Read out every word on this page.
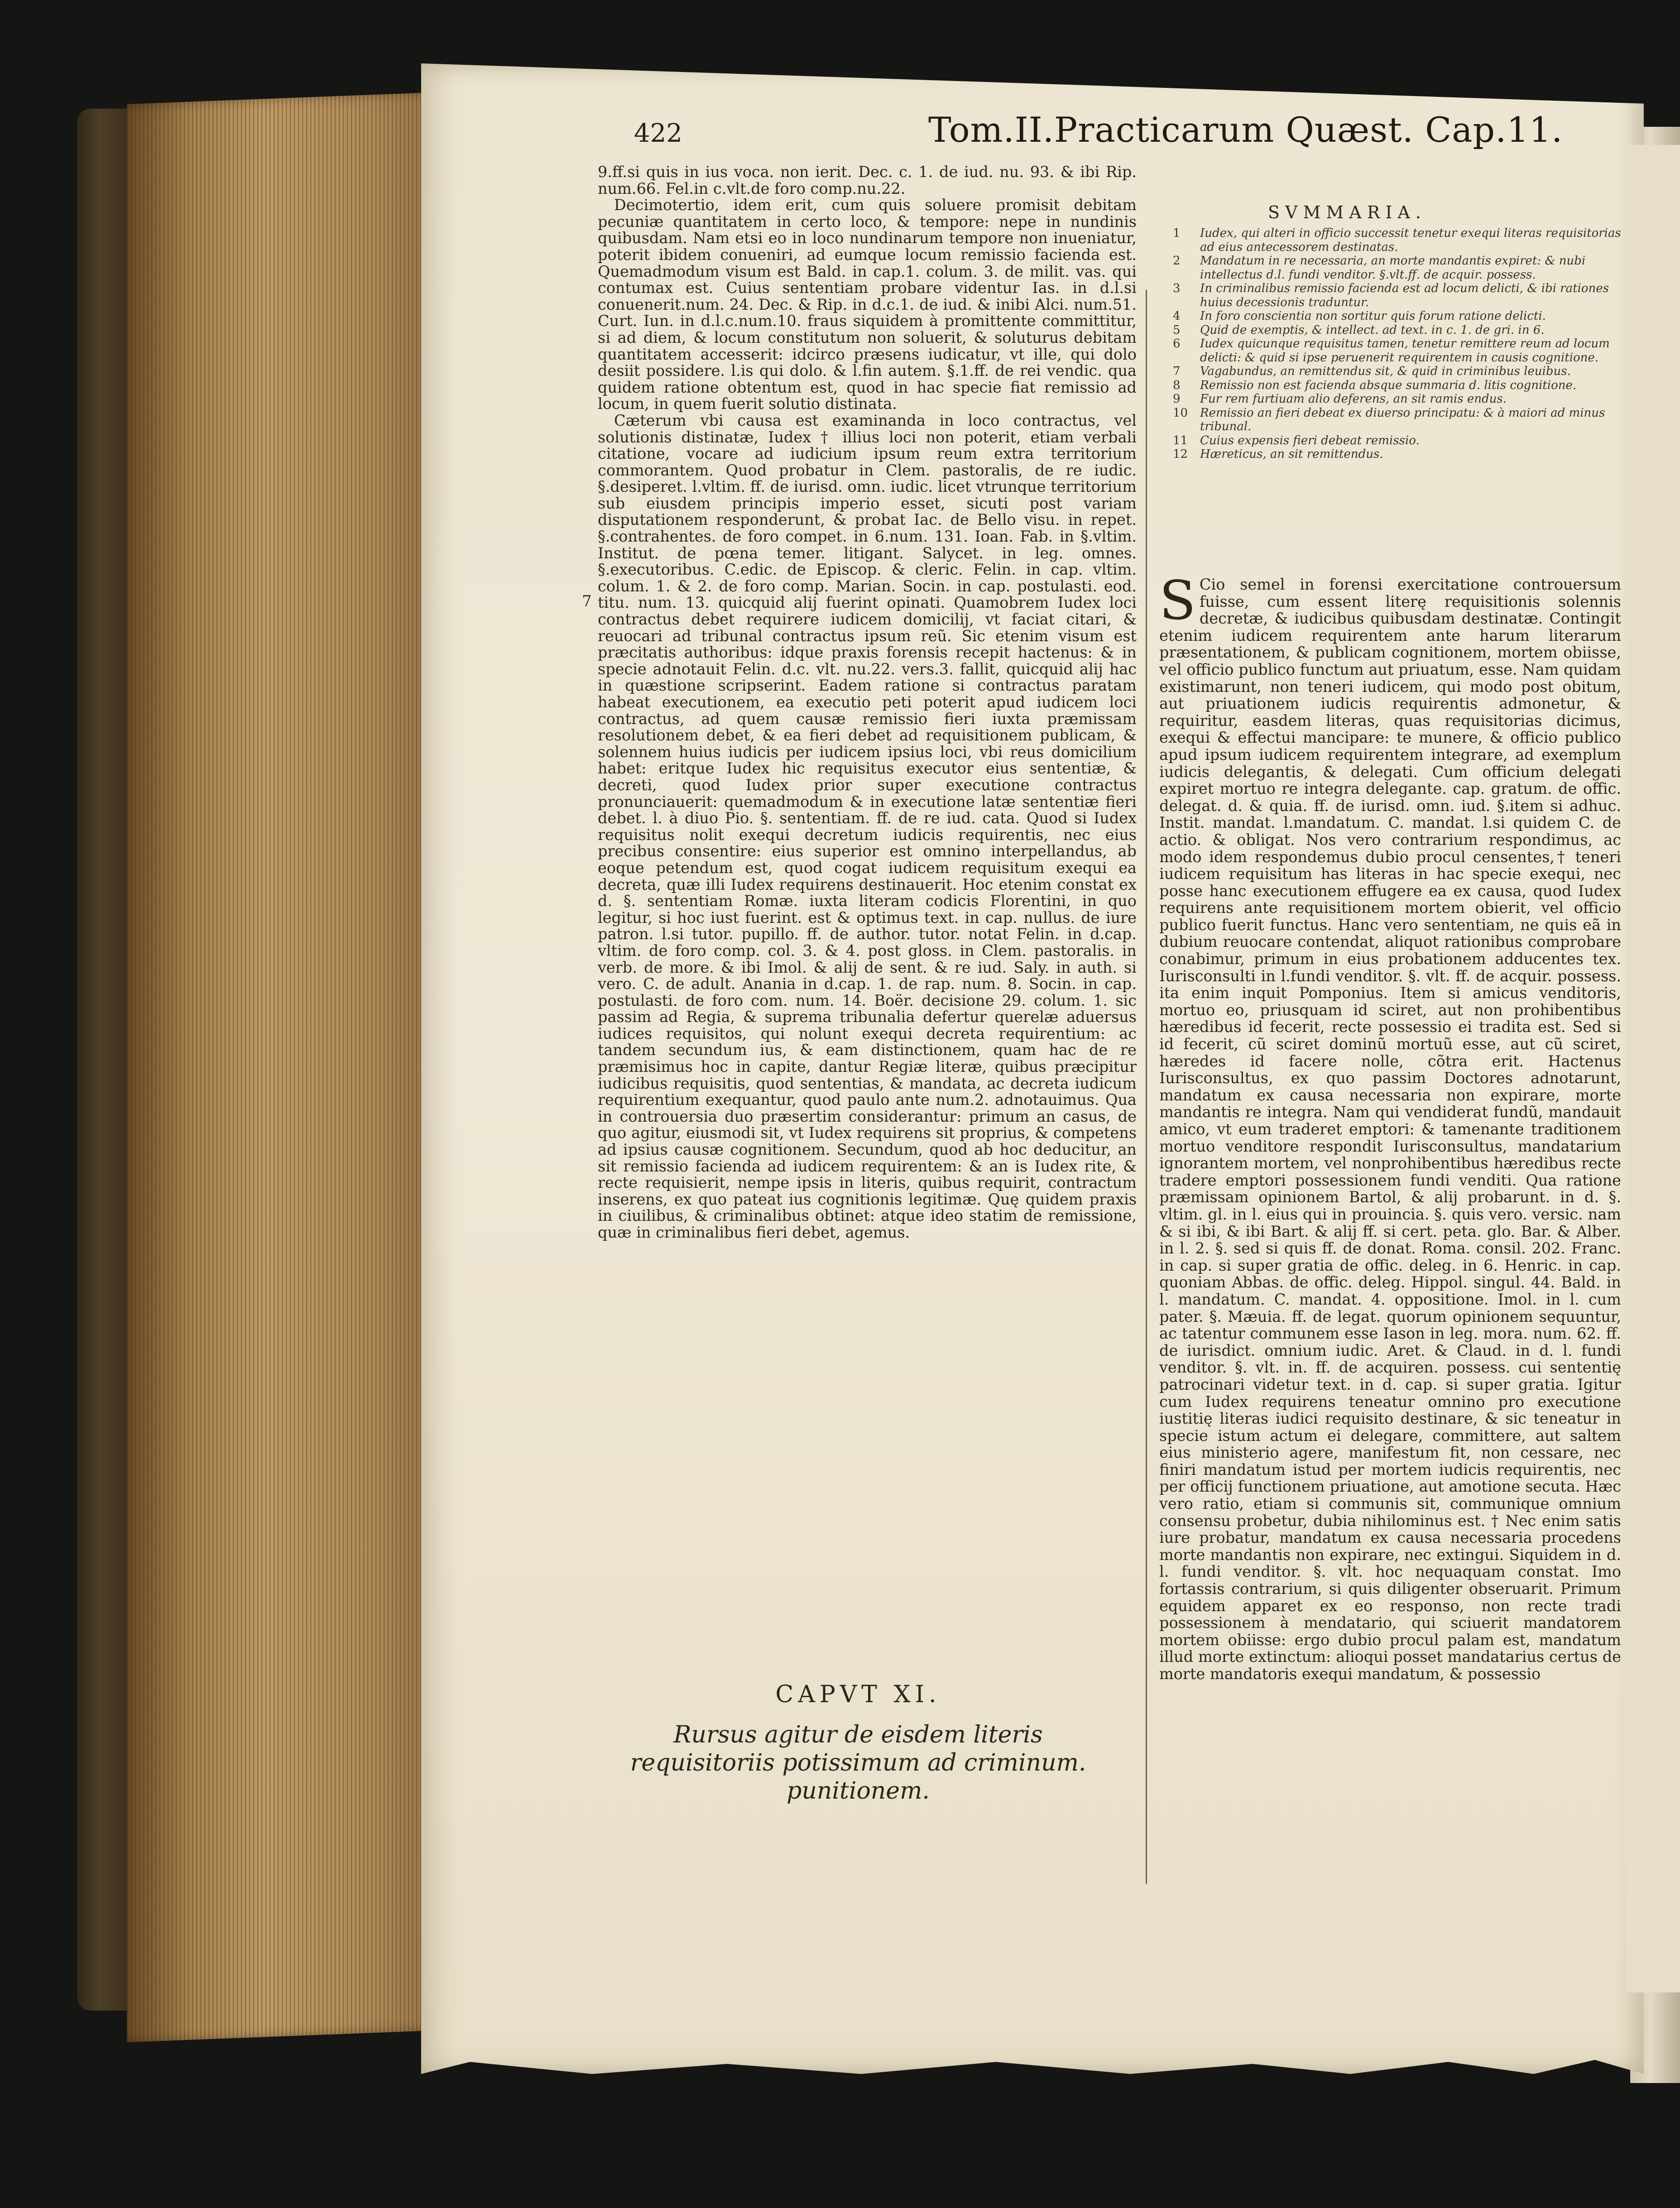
422	Tom.II.Practicarum Quæst. Cap.11.

9.ff.si quis in ius voca. non ierit. Dec. c. 1. de iud. nu. 93. & ibi Rip. num.66. Fel.in c.vlt.de foro comp.nu.22.

Decimotertio, idem erit, cum quis soluere promisit debitam pecuniæ quantitatem in certo loco, & tempore: nepe in nundinis quibusdam. Nam etsi eo in loco nundinarum tempore non inueniatur, poterit ibidem conueniri, ad eumque locum remissio facienda est. Quemadmodum visum est Bald. in cap.1. colum. 3. de milit. vas. qui contumax est. Cuius sententiam probare videntur Ias. in d.l.si conuenerit.num. 24. Dec. & Rip. in d.c.1. de iud. & inibi Alci. num.51. Curt. Iun. in d.l.c.num.10. fraus siquidem à promittente committitur, si ad diem, & locum constitutum non soluerit, & soluturus debitam quantitatem accesserit: idcirco præsens iudicatur, vt ille, qui dolo desiit possidere. l.is qui dolo. & l.fin autem. §.1.ff. de rei vendic. qua quidem ratione obtentum est, quod in hac specie fiat remissio ad locum, in quem fuerit solutio distinata.

Cæterum vbi causa est examinanda in loco contractus, vel solutionis distinatæ, Iudex † illius loci non poterit, etiam verbali citatione, vocare ad iudicium ipsum reum extra territorium commorantem. Quod probatur in Clem. pastoralis, de re iudic. §.desiperet. l.vltim. ff. de iurisd. omn. iudic. licet vtrunque territorium sub eiusdem principis imperio esset, sicuti post variam disputationem responderunt, & probat Iac. de Bello visu. in repet. §.contrahentes. de foro compet. in 6.num. 131. Ioan. Fab. in §.vltim. Institut. de pœna temer. litigant. Salycet. in leg. omnes. §.executoribus. C.edic. de Episcop. & cleric. Felin. in cap. vltim. colum. 1. & 2. de foro comp. Marian. Socin. in cap. postulasti. eod. titu. num. 13. quicquid alij fuerint opinati. Quamobrem Iudex loci contractus debet requirere iudicem domicilij, vt faciat citari, & reuocari ad tribunal contractus ipsum reũ. Sic etenim visum est præcitatis authoribus: idque praxis forensis recepit hactenus: & in specie adnotauit Felin. d.c. vlt. nu.22. vers.3. fallit, quicquid alij hac in quæstione scripserint. Eadem ratione si contractus paratam habeat executionem, ea executio peti poterit apud iudicem loci contractus, ad quem causæ remissio fieri iuxta præmissam resolutionem debet, & ea fieri debet ad requisitionem publicam, & solennem huius iudicis per iudicem ipsius loci, vbi reus domicilium habet: eritque Iudex hic requisitus executor eius sententiæ, & decreti, quod Iudex prior super executione contractus pronunciauerit: quemadmodum & in executione latæ sententiæ fieri debet. l. à diuo Pio. §. sententiam. ff. de re iud. cata. Quod si Iudex requisitus nolit exequi decretum iudicis requirentis, nec eius precibus consentire: eius superior est omnino interpellandus, ab eoque petendum est, quod cogat iudicem requisitum exequi ea decreta, quæ illi Iudex requirens destinauerit. Hoc etenim constat ex d. §. sententiam Romæ. iuxta literam codicis Florentini, in quo legitur, si hoc iust fuerint. est & optimus text. in cap. nullus. de iure patron. l.si tutor. pupillo. ff. de author. tutor. notat Felin. in d.cap. vltim. de foro comp. col. 3. & 4. post gloss. in Clem. pastoralis. in verb. de more. & ibi Imol. & alij de sent. & re iud. Saly. in auth. si vero. C. de adult. Anania in d.cap. 1. de rap. num. 8. Socin. in cap. postulasti. de foro com. num. 14. Boër. decisione 29. colum. 1. sic passim ad Regia, & suprema tribunalia defertur querelæ aduersus iudices requisitos, qui nolunt exequi decreta requirentium: ac tandem secundum ius, & eam distinctionem, quam hac de re præmisimus hoc in capite, dantur Regiæ literæ, quibus præcipitur iudicibus requisitis, quod sententias, & mandata, ac decreta iudicum requirentium exequantur, quod paulo ante num.2. adnotauimus. Qua in controuersia duo præsertim considerantur: primum an casus, de quo agitur, eiusmodi sit, vt Iudex requirens sit proprius, & competens ad ipsius causæ cognitionem. Secundum, quod ab hoc deducitur, an sit remissio facienda ad iudicem requirentem: & an is Iudex rite, & recte requisierit, nempe ipsis in literis, quibus requirit, contractum inserens, ex quo pateat ius cognitionis legitimæ. Quę quidem praxis in ciuilibus, & criminalibus obtinet: atque ideo statim de remissione, quæ in criminalibus fieri debet, agemus.

7
CAPVT XI.
Rursus agitur de eisdem literis requisitoriis potissimum ad criminum. punitionem.
SVMMARIA.
1 Iudex, qui alteri in officio successit tenetur exequi literas requisitorias ad eius antecessorem destinatas.
2 Mandatum in re necessaria, an morte mandantis expiret: & nubi intellectus d.l. fundi venditor. §.vlt.ff. de acquir. possess.
3 In criminalibus remissio facienda est ad locum delicti, & ibi rationes huius decessionis traduntur.
4 In foro conscientia non sortitur quis forum ratione delicti.
5 Quid de exemptis, & intellect. ad text. in c. 1. de gri. in 6.
6 Iudex quicunque requisitus tamen, tenetur remittere reum ad locum delicti: & quid si ipse peruenerit requirentem in causis cognitione.
7 Vagabundus, an remittendus sit, & quid in criminibus leuibus.
8 Remissio non est facienda absque summaria d. litis cognitione.
9 Fur rem furtiuam alio deferens, an sit ramis endus.
10 Remissio an fieri debeat ex diuerso principatu: & à maiori ad minus tribunal.
11 Cuius expensis fieri debeat remissio.
12 Hæreticus, an sit remittendus.
S Cio semel in forensi exercitatione controuersum fuisse, cum essent literę requisitionis solennis decretæ, & iudicibus quibusdam destinatæ. Contingit etenim iudicem requirentem ante harum literarum præsentationem, & publicam cognitionem, mortem obiisse, vel officio publico functum aut priuatum, esse. Nam quidam existimarunt, non teneri iudicem, qui modo post obitum, aut priuationem iudicis requirentis admonetur, & requiritur, easdem literas, quas requisitorias dicimus, exequi & effectui mancipare: te munere, & officio publico apud ipsum iudicem requirentem integrare, ad exemplum iudicis delegantis, & delegati. Cum officium delegati expiret mortuo re integra delegante. cap. gratum. de offic. delegat. d. & quia. ff. de iurisd. omn. iud. §.item si adhuc. Instit. mandat. l.mandatum. C. mandat. l.si quidem C. de actio. & obligat. Nos vero contrarium respondimus, ac modo idem respondemus dubio procul censentes,† teneri iudicem requisitum has literas in hac specie exequi, nec posse hanc executionem effugere ea ex causa, quod Iudex requirens ante requisitionem mortem obierit, vel officio publico fuerit functus. Hanc vero sententiam, ne quis eã in dubium reuocare contendat, aliquot rationibus comprobare conabimur, primum in eius probationem adducentes tex. Iurisconsulti in l.fundi venditor. §. vlt. ff. de acquir. possess. ita enim inquit Pomponius. Item si amicus venditoris, mortuo eo, priusquam id sciret, aut non prohibentibus hæredibus id fecerit, recte possessio ei tradita est. Sed si id fecerit, cũ sciret dominũ mortuũ esse, aut cũ sciret, hæredes id facere nolle, cõtra erit. Hactenus Iurisconsultus, ex quo passim Doctores adnotarunt, mandatum ex causa necessaria non expirare, morte mandantis re integra. Nam qui vendiderat fundũ, mandauit amico, vt eum traderet emptori: & tamenante traditionem mortuo venditore respondit Iurisconsultus, mandatarium ignorantem mortem, vel nonprohibentibus hæredibus recte tradere emptori possessionem fundi venditi. Qua ratione præmissam opinionem Bartol, & alij probarunt. in d. §. vltim. gl. in l. eius qui in prouincia. §. quis vero. versic. nam & si ibi, & ibi Bart. & alij ff. si cert. peta. glo. Bar. & Alber. in l. 2. §. sed si quis ff. de donat. Roma. consil. 202. Franc. in cap. si super gratia de offic. deleg. in 6. Henric. in cap. quoniam Abbas. de offic. deleg. Hippol. singul. 44. Bald. in l. mandatum. C. mandat. 4. oppositione. Imol. in l. cum pater. §. Mæuia. ff. de legat. quorum opinionem sequuntur, ac tatentur communem esse Iason in leg. mora. num. 62. ff. de iurisdict. omnium iudic. Aret. & Claud. in d. l. fundi venditor. §. vlt. in. ff. de acquiren. possess. cui sententię patrocinari videtur text. in d. cap. si super gratia. Igitur cum Iudex requirens teneatur omnino pro executione iustitię literas iudici requisito destinare, & sic teneatur in specie istum actum ei delegare, committere, aut saltem eius ministerio agere, manifestum fit, non cessare, nec finiri mandatum istud per mortem iudicis requirentis, nec per officij functionem priuatione, aut amotione secuta. Hæc vero ratio, etiam si communis sit, communique omnium consensu probetur, dubia nihilominus est. † Nec enim satis iure probatur, mandatum ex causa necessaria procedens morte mandantis non expirare, nec extingui. Siquidem in d. l. fundi venditor. §. vlt. hoc nequaquam constat. Imo fortassis contrarium, si quis diligenter obseruarit. Primum equidem apparet ex eo responso, non recte tradi possessionem à mendatario, qui sciuerit mandatorem mortem obiisse: ergo dubio procul palam est, mandatum illud morte extinctum: alioqui posset mandatarius certus de morte mandatoris exequi mandatum, & possessio
